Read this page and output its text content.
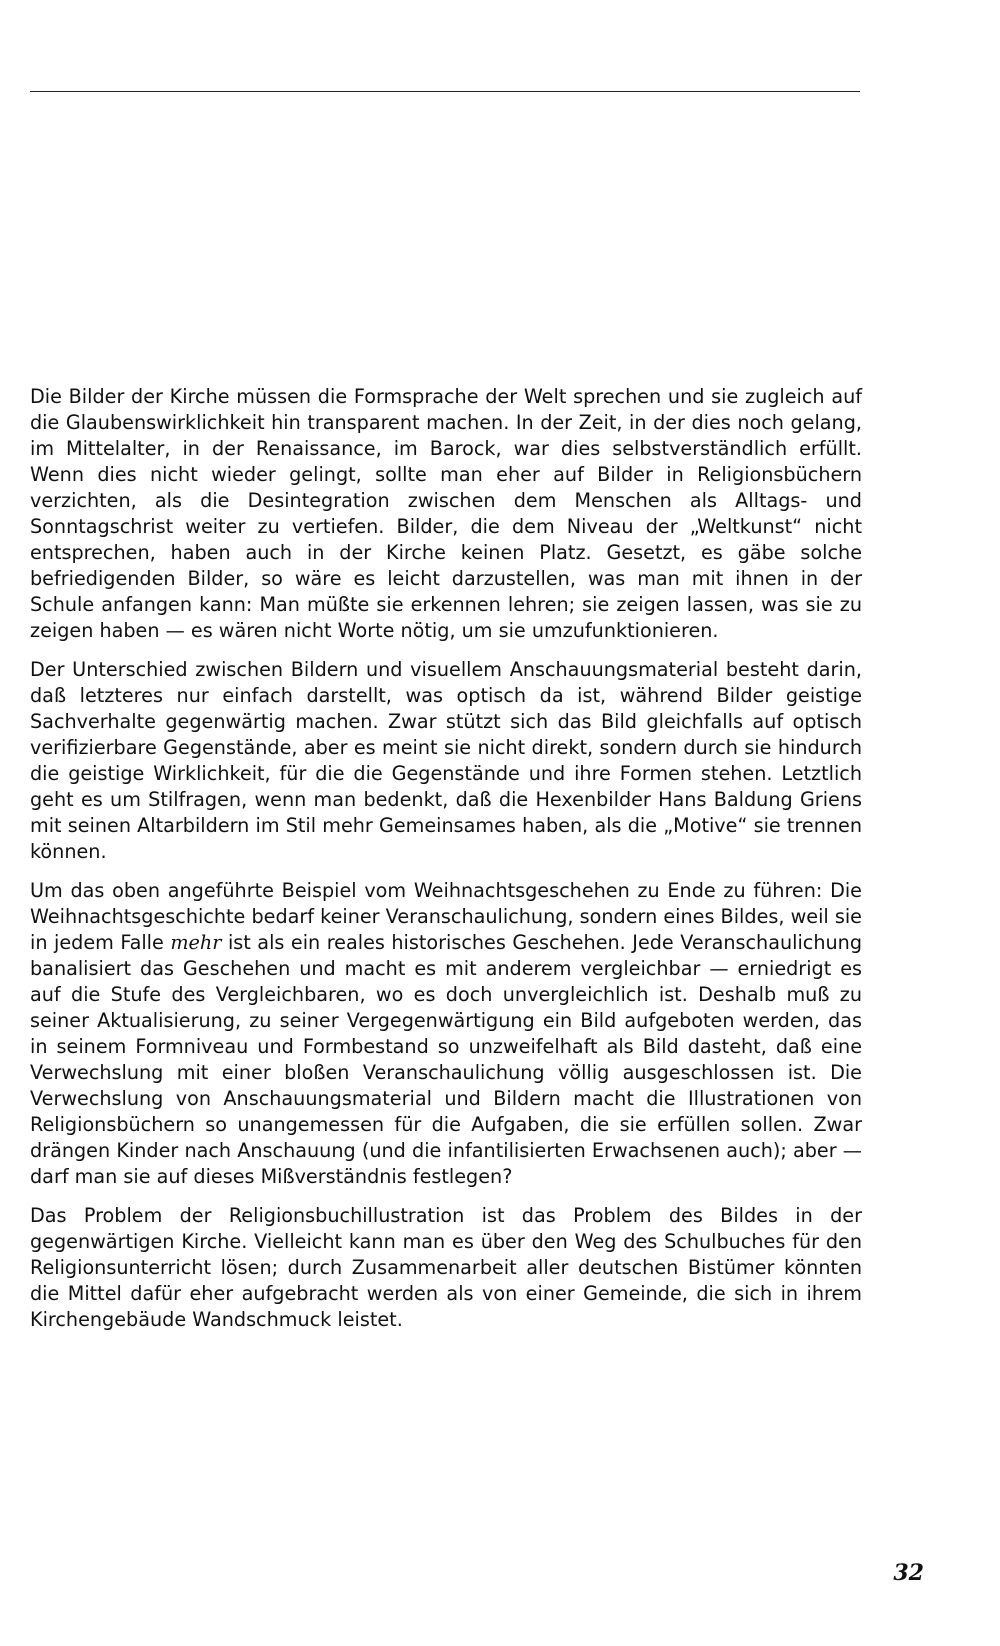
Die Bilder der Kirche müssen die Formsprache der Welt sprechen und sie zugleich auf die Glaubenswirklichkeit hin transparent machen. In der Zeit, in der dies noch gelang, im Mittelalter, in der Renaissance, im Barock, war dies selbstverständlich erfüllt. Wenn dies nicht wieder gelingt, sollte man eher auf Bilder in Religionsbüchern verzichten, als die Desintegration zwischen dem Menschen als Alltags- und Sonntagschrist weiter zu vertiefen. Bilder, die dem Niveau der „Weltkunst“ nicht entsprechen, haben auch in der Kirche keinen Platz. Gesetzt, es gäbe solche befriedigenden Bilder, so wäre es leicht darzustellen, was man mit ihnen in der Schule anfangen kann: Man müßte sie erkennen lehren; sie zeigen lassen, was sie zu zeigen haben — es wären nicht Worte nötig, um sie umzufunktionieren.

Der Unterschied zwischen Bildern und visuellem Anschauungsmaterial besteht darin, daß letzteres nur einfach darstellt, was optisch da ist, während Bilder geistige Sachverhalte gegenwärtig machen. Zwar stützt sich das Bild gleichfalls auf optisch verifizierbare Gegenstände, aber es meint sie nicht direkt, sondern durch sie hindurch die geistige Wirklichkeit, für die die Gegenstände und ihre Formen stehen. Letztlich geht es um Stilfragen, wenn man bedenkt, daß die Hexenbilder Hans Baldung Griens mit seinen Altarbildern im Stil mehr Gemeinsames haben, als die „Motive“ sie trennen können.

Um das oben angeführte Beispiel vom Weihnachtsgeschehen zu Ende zu führen: Die Weihnachtsgeschichte bedarf keiner Veranschaulichung, sondern eines Bildes, weil sie in jedem Falle mehr ist als ein reales historisches Geschehen. Jede Veranschaulichung banalisiert das Geschehen und macht es mit anderem vergleichbar — erniedrigt es auf die Stufe des Vergleichbaren, wo es doch unvergleichlich ist. Deshalb muß zu seiner Aktualisierung, zu seiner Vergegenwärtigung ein Bild aufgeboten werden, das in seinem Formniveau und Formbestand so unzweifelhaft als Bild dasteht, daß eine Verwechslung mit einer bloßen Veranschaulichung völlig ausgeschlossen ist. Die Verwechslung von Anschauungsmaterial und Bildern macht die Illustrationen von Religionsbüchern so unangemessen für die Aufgaben, die sie erfüllen sollen. Zwar drängen Kinder nach Anschauung (und die infantilisierten Erwachsenen auch); aber — darf man sie auf dieses Mißverständnis festlegen?

Das Problem der Religionsbuchillustration ist das Problem des Bildes in der gegenwärtigen Kirche. Vielleicht kann man es über den Weg des Schulbuches für den Religionsunterricht lösen; durch Zusammenarbeit aller deutschen Bistümer könnten die Mittel dafür eher aufgebracht werden als von einer Gemeinde, die sich in ihrem Kirchengebäude Wandschmuck leistet.

32
